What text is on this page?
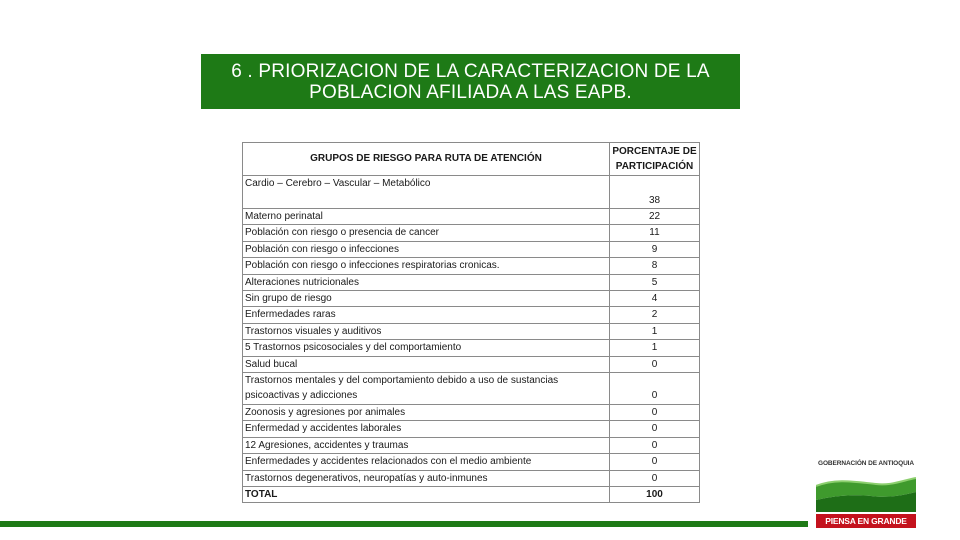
6 . PRIORIZACION DE LA CARACTERIZACION DE LA
POBLACION AFILIADA A LAS EAPB.
GRUPOS DE RIESGO PARA RUTA DE ATENCIÓN	PORCENTAJE DE
PARTICIPACIÓN
Cardio – Cerebro – Vascular – Metabólico	38
Materno perinatal	22
Población con riesgo o presencia de cancer	11
Población con riesgo o infecciones	9
Población con riesgo o infecciones respiratorias cronicas.	8
Alteraciones nutricionales	5
Sin grupo de riesgo	4
Enfermedades raras	2
Trastornos visuales y auditivos	1
5 Trastornos psicosociales y del comportamiento	1
Salud bucal	0
Trastornos mentales y del comportamiento debido a uso de sustancias psicoactivas y adicciones	0
Zoonosis y agresiones por animales	0
Enfermedad y accidentes laborales	0
12 Agresiones, accidentes y traumas	0
Enfermedades y accidentes relacionados con el medio ambiente	0
Trastornos degenerativos, neuropatías y auto-inmunes	0
TOTAL	100
GOBERNACIÓN DE ANTIOQUIA
PIENSA EN GRANDE
